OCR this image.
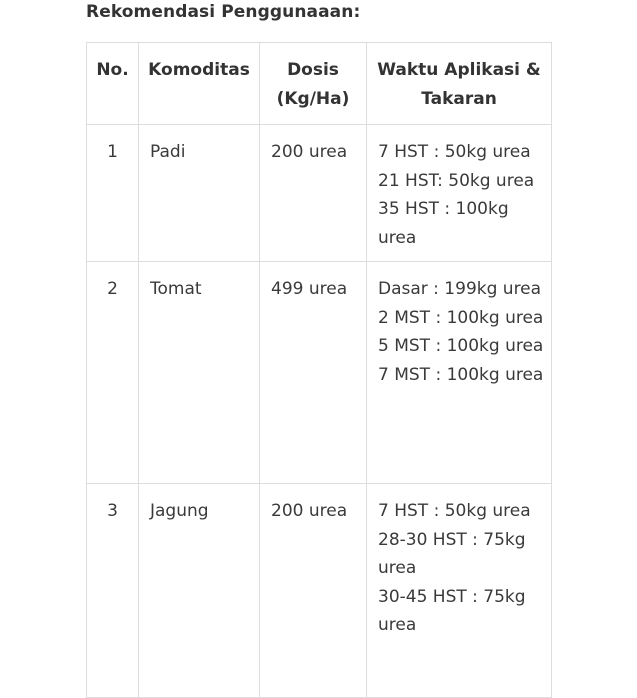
Rekomendasi Penggunaaan:
No.	Komoditas	Dosis (Kg/Ha)	Waktu Aplikasi & Takaran
1	Padi	200 urea	7 HST : 50kg urea
21 HST: 50kg urea
35 HST : 100kg urea

2	Tomat	499 urea	Dasar : 199kg urea
2 MST : 100kg urea
5 MST : 100kg urea
7 MST : 100kg urea

3	Jagung	200 urea	7 HST : 50kg urea
28-30 HST : 75kg urea
30-45 HST : 75kg urea
